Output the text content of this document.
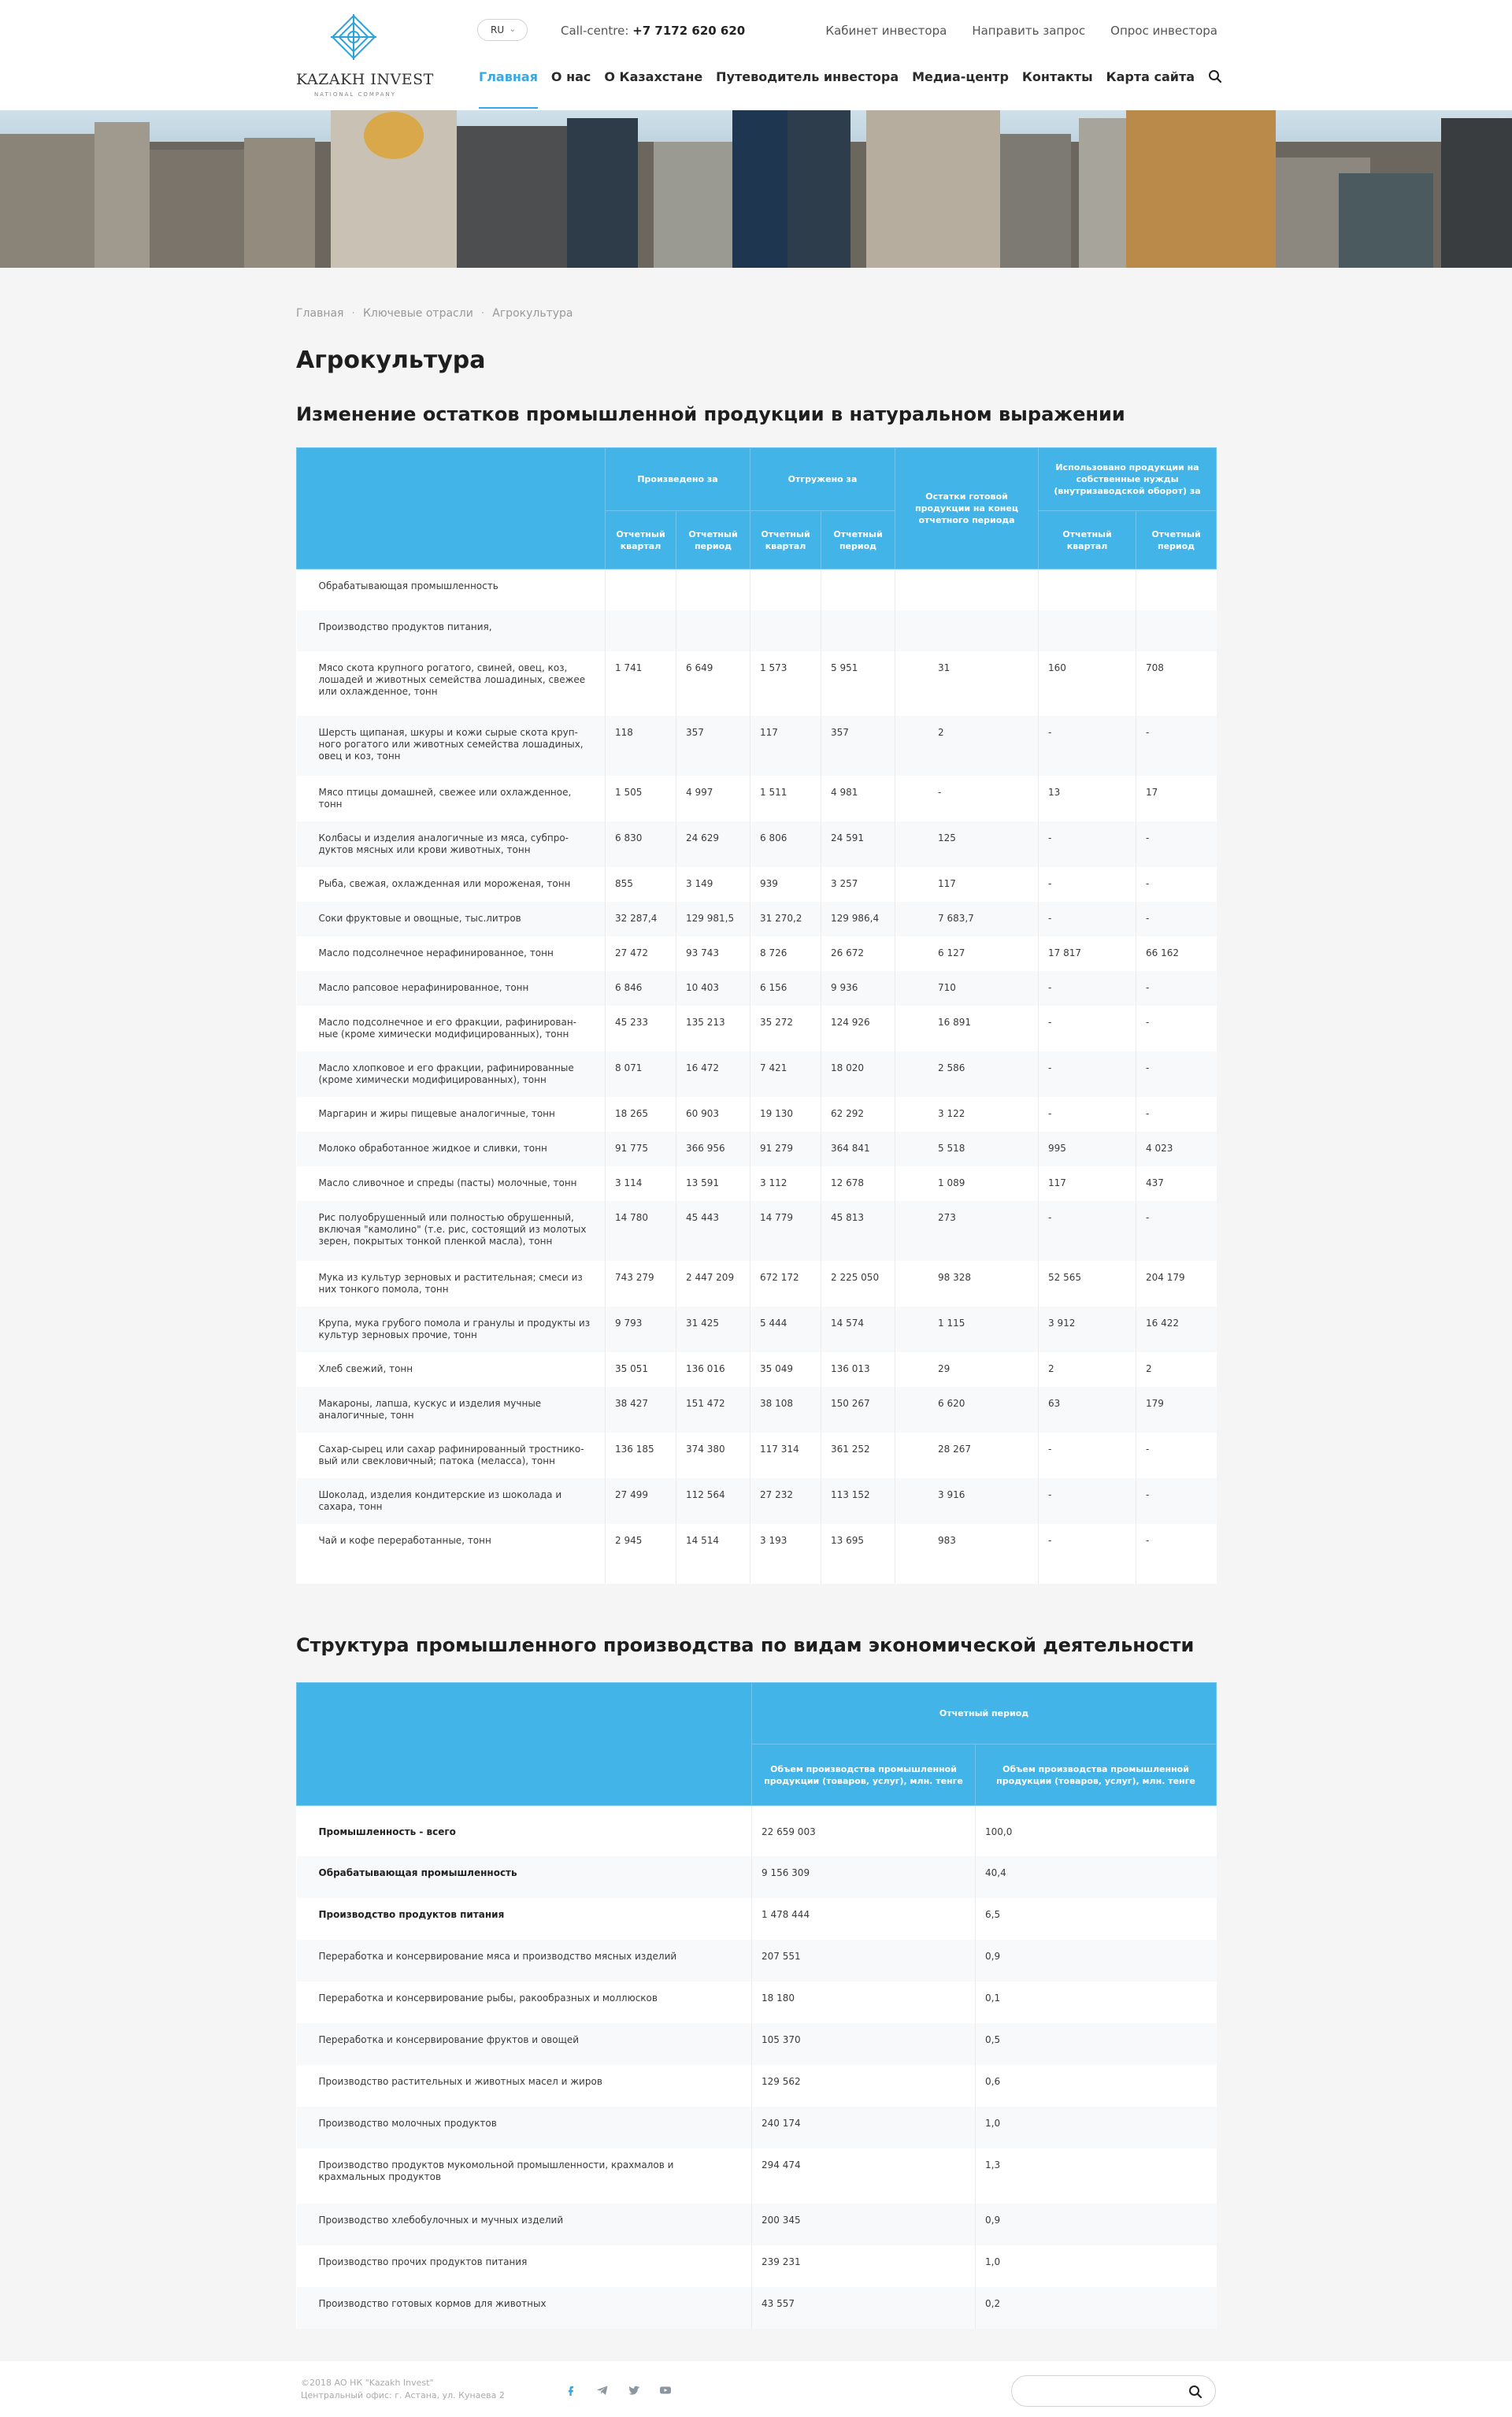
KAZAKH INVEST
NATIONAL COMPANY
RU ⌄	Call-centre: +7 7172 620 620	Кабинет инвестора Направить запрос Опрос инвестора
Главная О нас О Казахстане Путеводитель инвестора Медиа-центр Контакты Карта сайта
Главная · Ключевые отрасли · Агрокультура
Агрокультура
Изменение остатков промышленной продукции в натуральном выражении
	Произведено за		Отгружено за		Остатки готовой продукции на конец отчетного периода	Использовано продукции на собственные нужды (внутризаводской оборот) за	
	Отчетный квартал	Отчетный период	Отчетный квартал	Отчетный период		Отчетный квартал	Отчетный период
Обрабатывающая промышленность							
Производство продуктов питания,							
Мясо скота крупного рогатого, свиней, овец, коз, лошадей и животных семейства лошадиных, свежее или охлажденное, тонн	1 741	6 649	1 573	5 951	31	160	708
Шерсть щипаная, шкуры и кожи сырые скота круп- ного рогатого или животных семейства лошадиных, овец и коз, тонн	118	357	117	357	2	-	-
Мясо птицы домашней, свежее или охлажденное, тонн	1 505	4 997	1 511	4 981	-	13	17
Колбасы и изделия аналогичные из мяса, субпро- дуктов мясных или крови животных, тонн	6 830	24 629	6 806	24 591	125	-	-
Рыба, свежая, охлажденная или мороженая, тонн	855	3 149	939	3 257	117	-	-
Соки фруктовые и овощные, тыс.литров	32 287,4	129 981,5	31 270,2	129 986,4	7 683,7	-	-
Масло подсолнечное нерафинированное, тонн	27 472	93 743	8 726	26 672	6 127	17 817	66 162
Масло рапсовое нерафинированное, тонн	6 846	10 403	6 156	9 936	710	-	-
Масло подсолнечное и его фракции, рафинирован- ные (кроме химически модифицированных), тонн	45 233	135 213	35 272	124 926	16 891	-	-
Масло хлопковое и его фракции, рафинированные (кроме химически модифицированных), тонн	8 071	16 472	7 421	18 020	2 586	-	-
Маргарин и жиры пищевые аналогичные, тонн	18 265	60 903	19 130	62 292	3 122	-	-
Молоко обработанное жидкое и сливки, тонн	91 775	366 956	91 279	364 841	5 518	995	4 023
Масло сливочное и спреды (пасты) молочные, тонн	3 114	13 591	3 112	12 678	1 089	117	437
Рис полуобрушенный или полностью обрушенный, включая "камолино" (т.е. рис, состоящий из молотых зерен, покрытых тонкой пленкой масла), тонн	14 780	45 443	14 779	45 813	273	-	-
Мука из культур зерновых и растительная; смеси из них тонкого помола, тонн	743 279	2 447 209	672 172	2 225 050	98 328	52 565	204 179
Крупа, мука грубого помола и гранулы и продукты из культур зерновых прочие, тонн	9 793	31 425	5 444	14 574	1 115	3 912	16 422
Хлеб свежий, тонн	35 051	136 016	35 049	136 013	29	2	2
Макароны, лапша, кускус и изделия мучные аналогичные, тонн	38 427	151 472	38 108	150 267	6 620	63	179
Сахар-сырец или сахар рафинированный тростнико- вый или свекловичный; патока (меласса), тонн	136 185	374 380	117 314	361 252	28 267	-	-
Шоколад, изделия кондитерские из шоколада и сахара, тонн	27 499	112 564	27 232	113 152	3 916	-	-
Чай и кофе переработанные, тонн	2 945	14 514	3 193	13 695	983	-	-

Структура промышленного производства по видам экономической деятельности
	Отчетный период	
	Объем производства промышленной продукции (товаров, услуг), млн. тенге	Объем производства промышленной продукции (товаров, услуг), млн. тенге
Промышленность - всего	22 659 003	100,0
Обрабатывающая промышленность	9 156 309	40,4
Производство продуктов питания	1 478 444	6,5
Переработка и консервирование мяса и производство мясных изделий	207 551	0,9
Переработка и консервирование рыбы, ракообразных и моллюсков	18 180	0,1
Переработка и консервирование фруктов и овощей	105 370	0,5
Производство растительных и животных масел и жиров	129 562	0,6
Производство молочных продуктов	240 174	1,0
Производство продуктов мукомольной промышленности, крахмалов и крахмальных продуктов	294 474	1,3
Производство хлебобулочных и мучных изделий	200 345	0,9
Производство прочих продуктов питания	239 231	1,0
Производство готовых кормов для животных	43 557	0,2
©2018 АО НК "Kazakh Invest"
Центральный офис: г. Астана, ул. Кунаева 2
